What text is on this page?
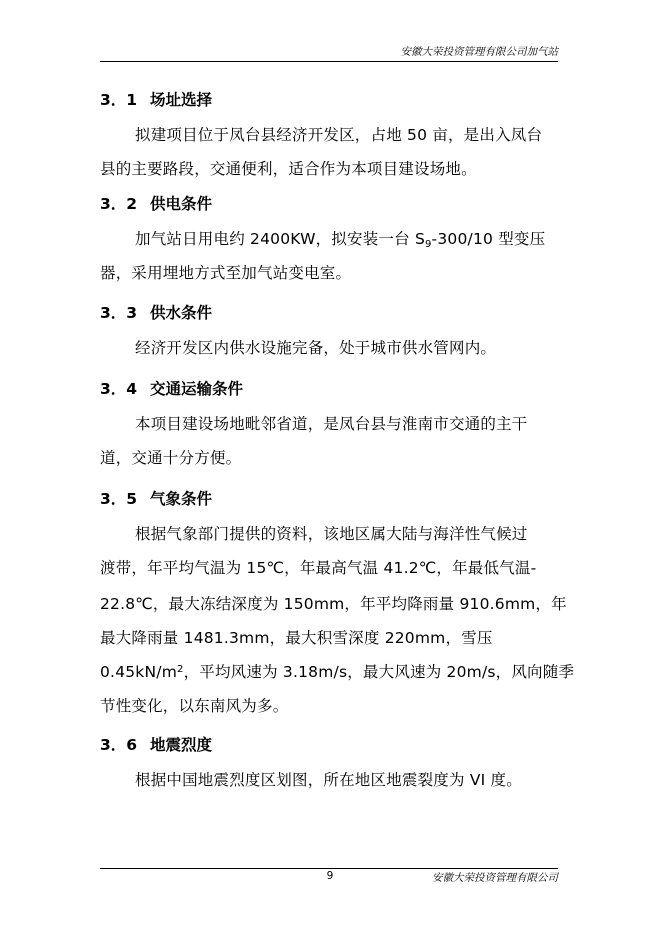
安徽大荣投资管理有限公司加气站
3．1 场址选择
拟建项目位于凤台县经济开发区，占地 50 亩，是出入凤台
县的主要路段，交通便利，适合作为本项目建设场地。
3．2 供电条件
加气站日用电约 2400KW，拟安装一台 $S_9-300/10$ 型变压
器，采用埋地方式至加气站变电室。
3．3 供水条件
经济开发区内供水设施完备，处于城市供水管网内。
3．4 交通运输条件
本项目建设场地毗邻省道，是凤台县与淮南市交通的主干
道，交通十分方便。
3．5 气象条件
根据气象部门提供的资料，该地区属大陆与海洋性气候过
渡带，年平均气温为 15℃，年最高气温 41.2℃，年最低气温-
22.8℃，最大冻结深度为 150mm，年平均降雨量 910.6mm，年
最大降雨量 1481.3mm，最大积雪深度 220mm，雪压
$0.45kN/m^2$，平均风速为 3.18m/s，最大风速为 20m/s，风向随季
节性变化，以东南风为多。
3．6 地震烈度
根据中国地震烈度区划图，所在地区地震裂度为 VI 度。
9	安徽大荣投资管理有限公司
